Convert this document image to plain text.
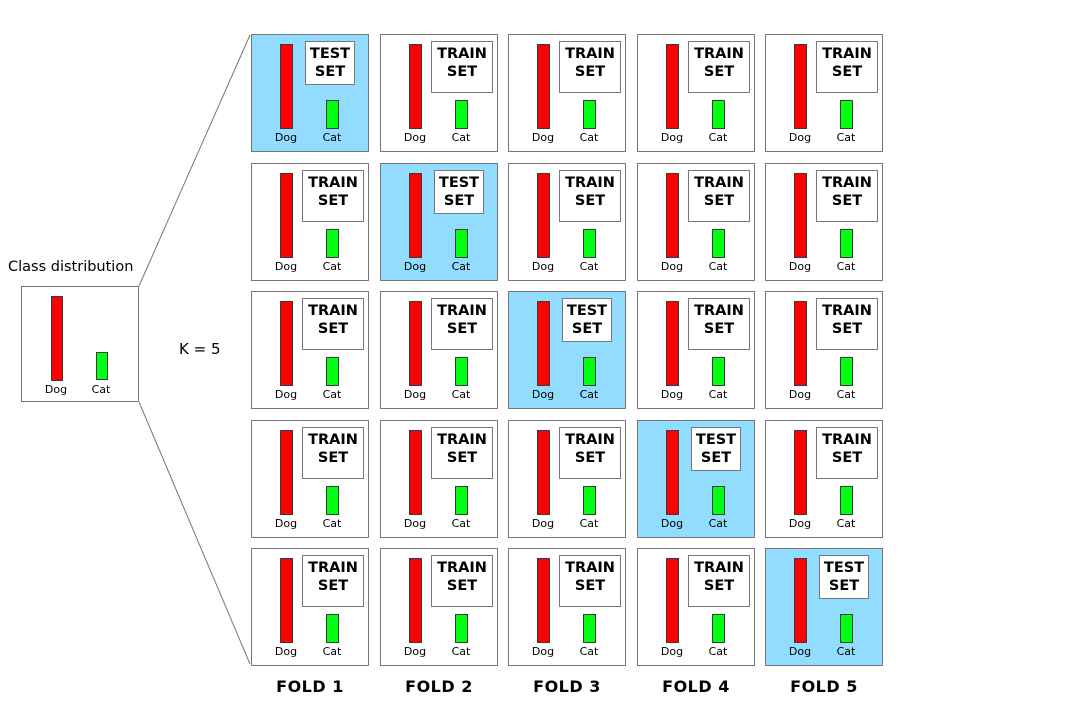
Class distribution
Dog	Cat
K = 5
Dog	Cat
TEST
SET
Dog	Cat
TRAIN
SET
Dog	Cat
TRAIN
SET
Dog	Cat
TRAIN
SET
Dog	Cat
TRAIN
SET
FOLD 1
Dog	Cat
TRAIN
SET
Dog	Cat
TEST
SET
Dog	Cat
TRAIN
SET
Dog	Cat
TRAIN
SET
Dog	Cat
TRAIN
SET
FOLD 2
Dog	Cat
TRAIN
SET
Dog	Cat
TRAIN
SET
Dog	Cat
TEST
SET
Dog	Cat
TRAIN
SET
Dog	Cat
TRAIN
SET
FOLD 3
Dog	Cat
TRAIN
SET
Dog	Cat
TRAIN
SET
Dog	Cat
TRAIN
SET
Dog	Cat
TEST
SET
Dog	Cat
TRAIN
SET
FOLD 4
Dog	Cat
TRAIN
SET
Dog	Cat
TRAIN
SET
Dog	Cat
TRAIN
SET
Dog	Cat
TRAIN
SET
Dog	Cat
TEST
SET
FOLD 5
